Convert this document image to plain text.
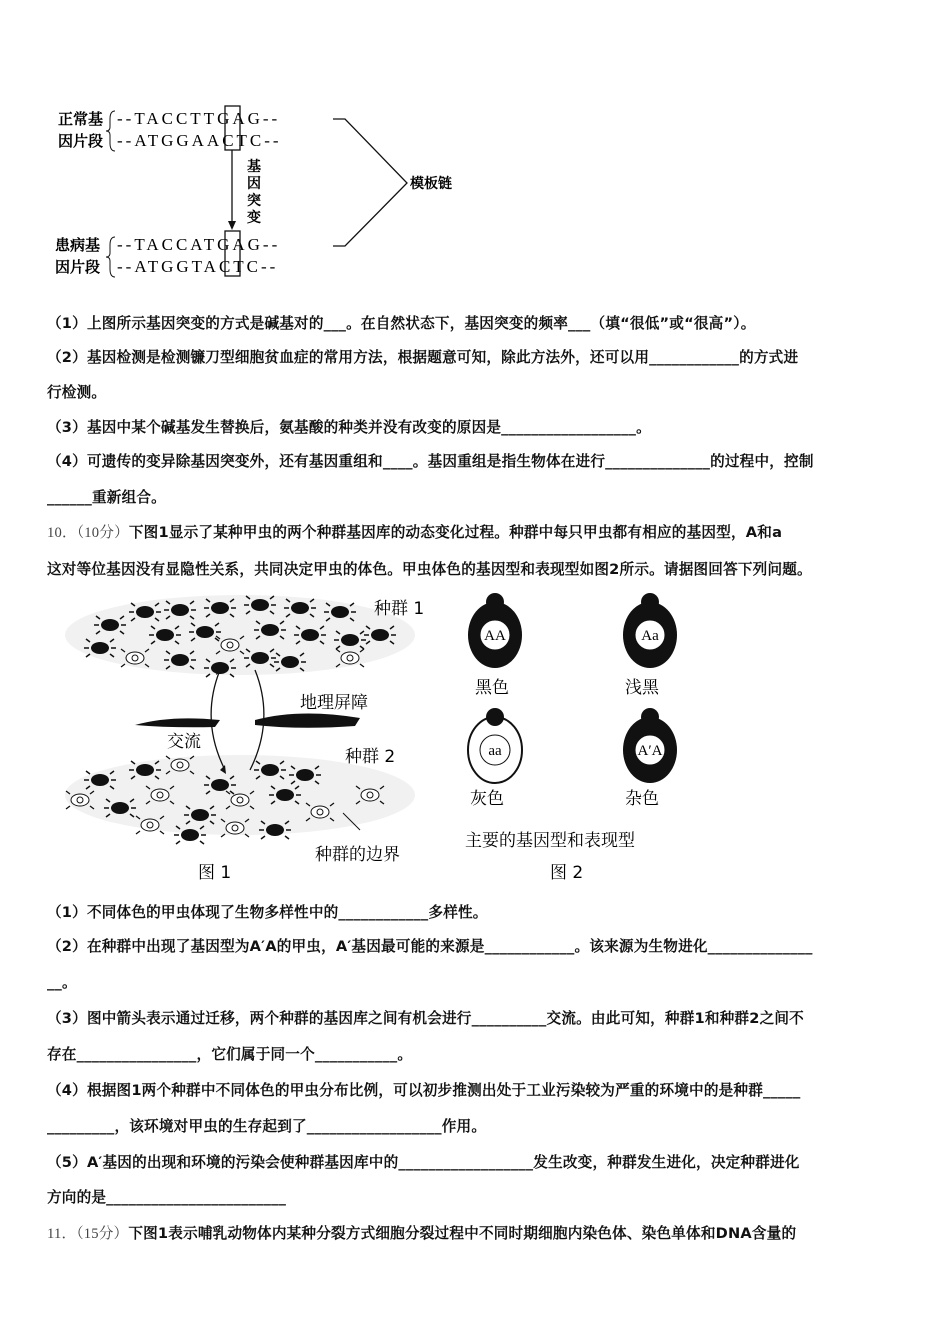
正常基
因片段
患病基
因片段
--TACCTTGAG--
--ATGGAACTC--
--TACCATGAG--
--ATGGTACTC--
基
因
突
变
模板链
（1）上图所示基因突变的方式是碱基对的___。在自然状态下，基因突变的频率___（填“很低”或“很高”）。
（2）基因检测是检测镰刀型细胞贫血症的常用方法，根据题意可知，除此方法外，还可以用____________的方式进
行检测。
（3）基因中某个碱基发生替换后，氨基酸的种类并没有改变的原因是__________________。
（4）可遗传的变异除基因突变外，还有基因重组和____。基因重组是指生物体在进行______________的过程中，控制
______重新组合。
10．（10分）下图1显示了某种甲虫的两个种群基因库的动态变化过程。种群中每只甲虫都有相应的基因型，A和a
这对等位基因没有显隐性关系，共同决定甲虫的体色。甲虫体色的基因型和表现型如图2所示。请据图回答下列问题。
种群 1
地理屏障
交流
种群 2
种群的边界
图 1
AA	Aa
aa	A′A
黑色	浅黑
灰色	杂色
主要的基因型和表现型
图 2
（1）不同体色的甲虫体现了生物多样性中的____________多样性。
（2）在种群中出现了基因型为A′A的甲虫，A′基因最可能的来源是____________。该来源为生物进化______________
__。
（3）图中箭头表示通过迁移，两个种群的基因库之间有机会进行__________交流。由此可知，种群1和种群2之间不
存在________________，它们属于同一个___________。
（4）根据图1两个种群中不同体色的甲虫分布比例，可以初步推测出处于工业污染较为严重的环境中的是种群_____
_________，该环境对甲虫的生存起到了__________________作用。
（5）A′基因的出现和环境的污染会使种群基因库中的__________________发生改变，种群发生进化，决定种群进化
方向的是________________________
11．（15分）下图1表示哺乳动物体内某种分裂方式细胞分裂过程中不同时期细胞内染色体、染色单体和DNA含量的
